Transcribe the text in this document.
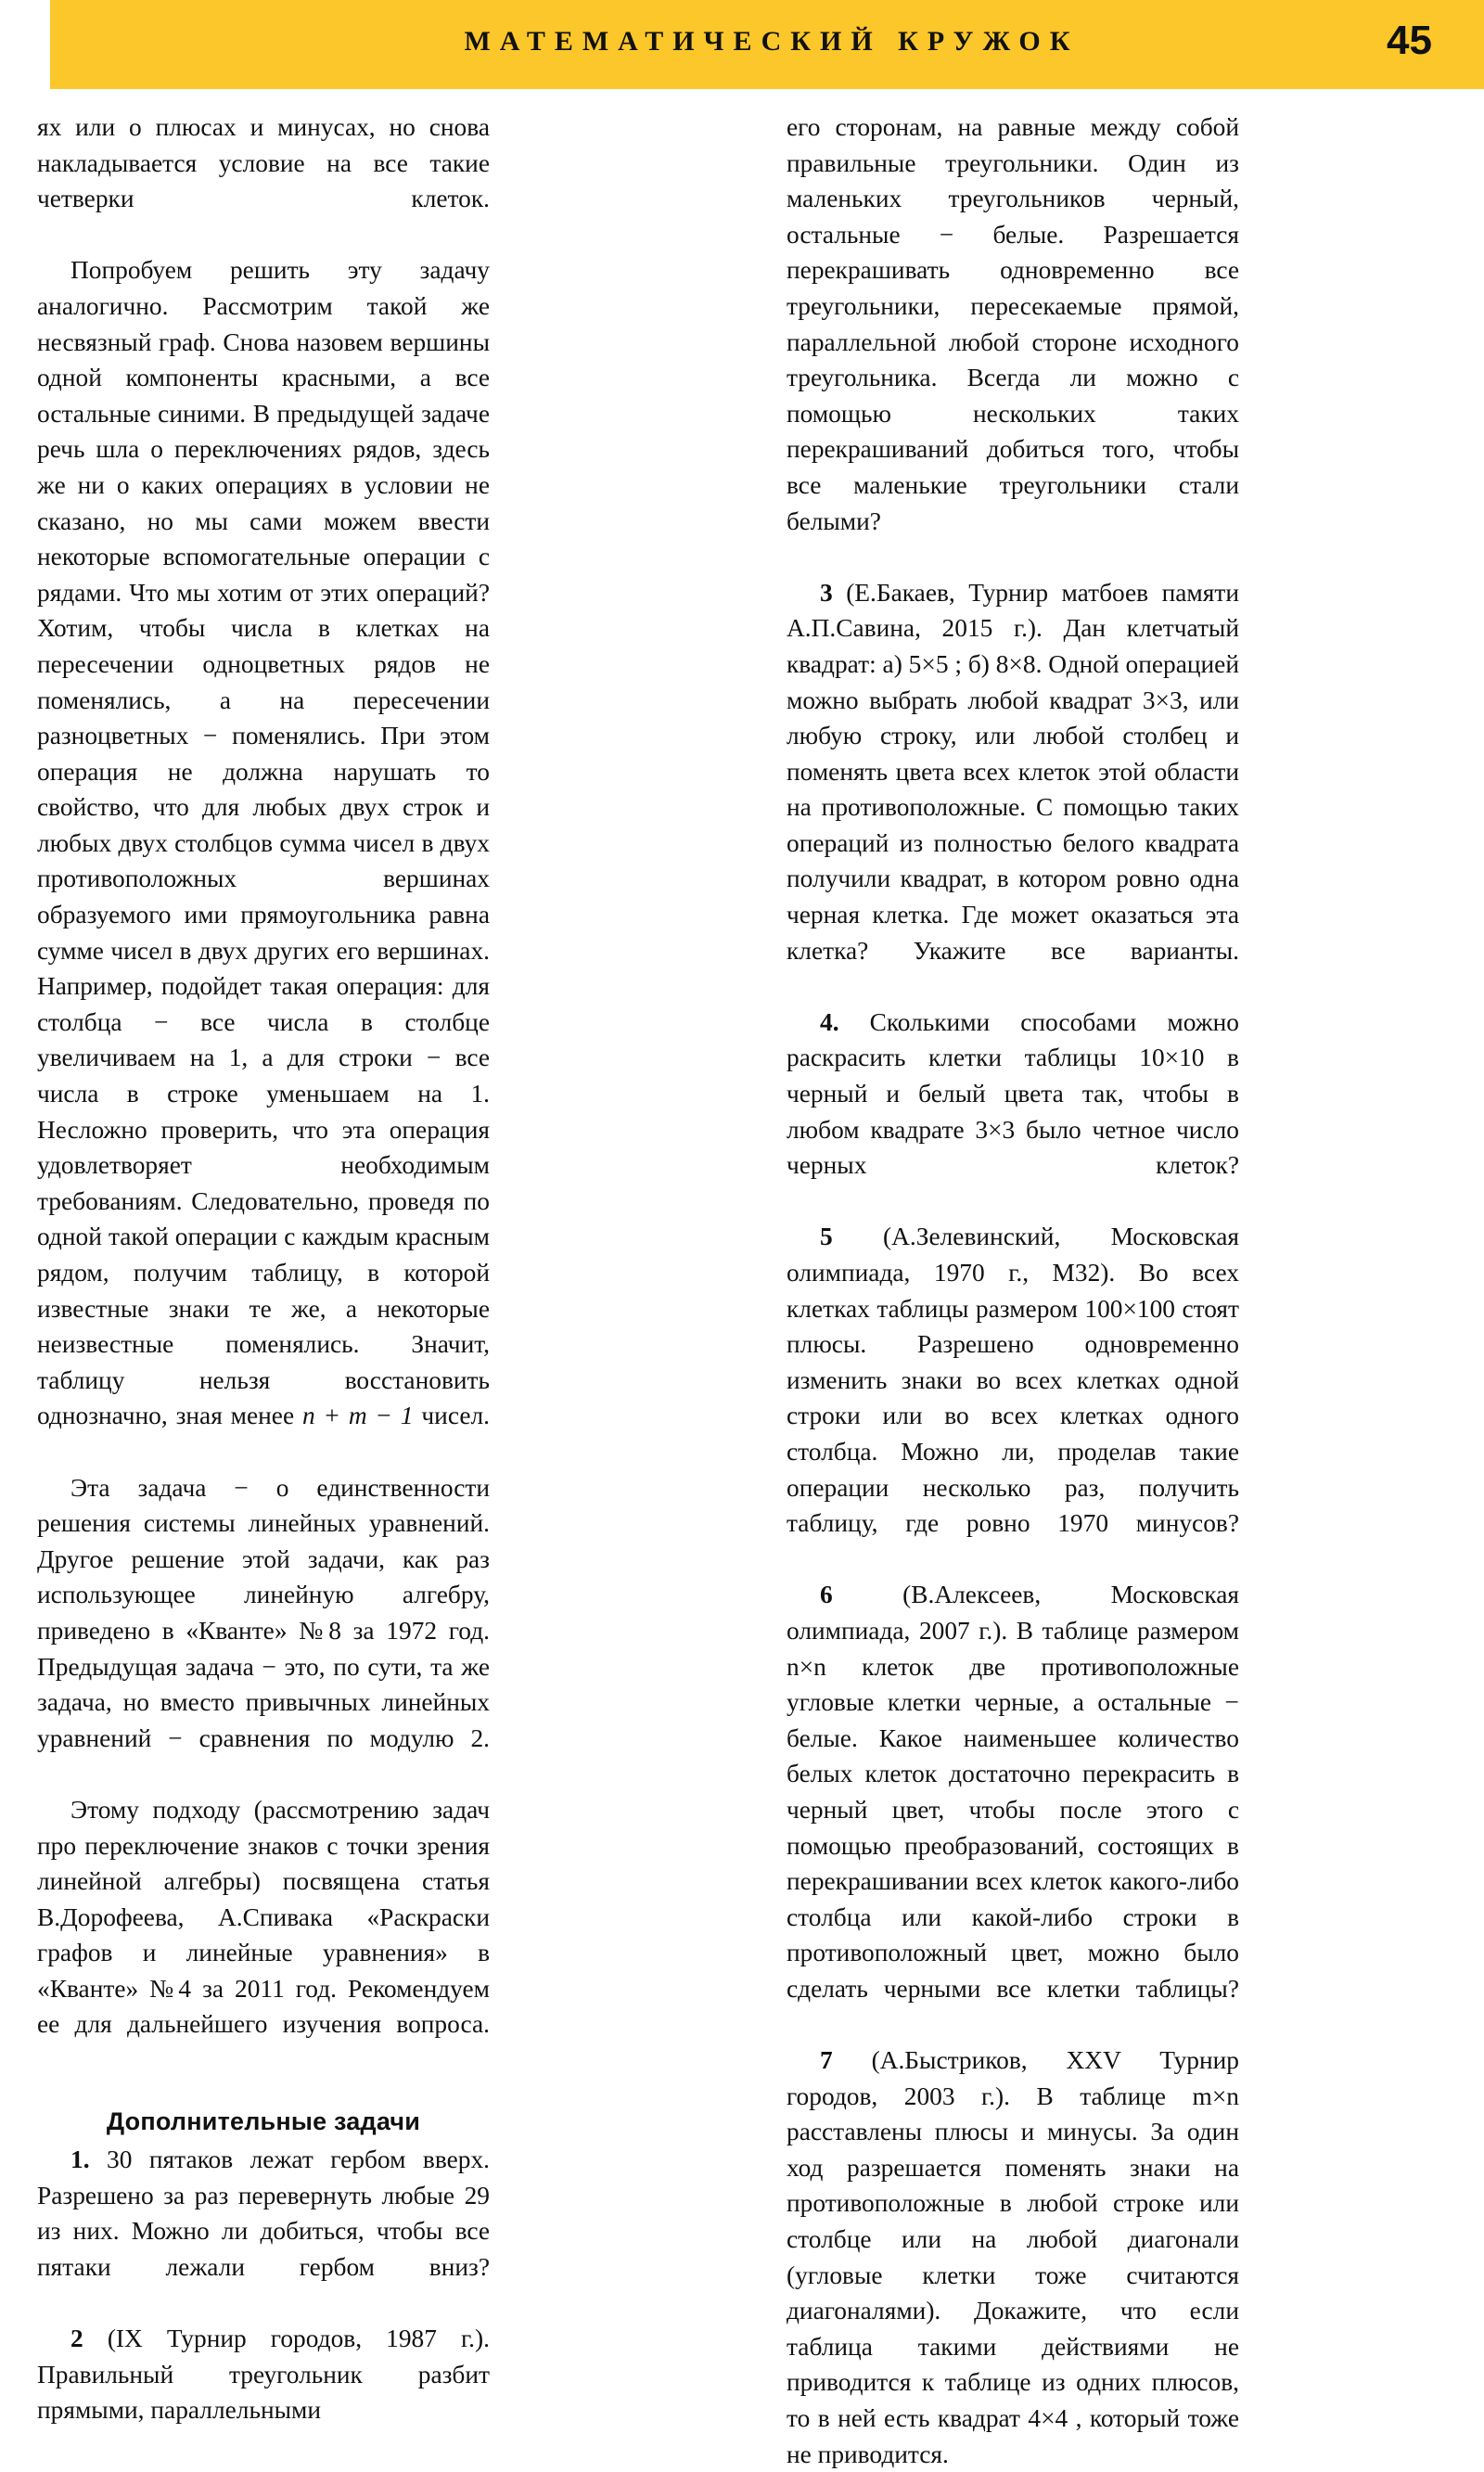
МАТЕМАТИЧЕСКИЙ КРУЖОК	45

ях или о плюсах и минусах, но снова накладывается условие на все такие четверки клеток.

Попробуем решить эту задачу аналогично. Рассмотрим такой же несвязный граф. Снова назовем вершины одной компоненты красными, а все остальные синими. В предыдущей задаче речь шла о переключениях рядов, здесь же ни о каких операциях в условии не сказано, но мы сами можем ввести некоторые вспомогательные операции с рядами. Что мы хотим от этих операций? Хотим, чтобы числа в клетках на пересечении одноцветных рядов не поменялись, а на пересечении разноцветных − поменялись. При этом операция не должна нарушать то свойство, что для любых двух строк и любых двух столбцов сумма чисел в двух противоположных вершинах образуемого ими прямоугольника равна сумме чисел в двух других его вершинах. Например, подойдет такая операция: для столбца − все числа в столбце увеличиваем на 1, а для строки − все числа в строке уменьшаем на 1. Несложно проверить, что эта операция удовлетворяет необходимым требованиям. Следовательно, проведя по одной такой операции с каждым красным рядом, получим таблицу, в которой известные знаки те же, а некоторые неизвестные поменялись. Значит, таблицу нельзя восстановить однозначно, зная менее n + m − 1 чисел.

Эта задача − о единственности решения системы линейных уравнений. Другое решение этой задачи, как раз использующее линейную алгебру, приведено в «Кванте» №8 за 1972 год. Предыдущая задача − это, по сути, та же задача, но вместо привычных линейных уравнений − сравнения по модулю 2.

Этому подходу (рассмотрению задач про переключение знаков с точки зрения линейной алгебры) посвящена статья В.Дорофеева, А.Спивака «Раскраски графов и линейные уравнения» в «Кванте» №4 за 2011 год. Рекомендуем ее для дальнейшего изучения вопроса.

Дополнительные задачи

1. 30 пятаков лежат гербом вверх. Разрешено за раз перевернуть любые 29 из них. Можно ли добиться, чтобы все пятаки лежали гербом вниз?

2 (IX Турнир городов, 1987 г.). Правильный треугольник разбит прямыми, параллельными

его сторонам, на равные между собой правильные треугольники. Один из маленьких треугольников черный, остальные − белые. Разрешается перекрашивать одновременно все треугольники, пересекаемые прямой, параллельной любой стороне исходного треугольника. Всегда ли можно с помощью нескольких таких перекрашиваний добиться того, чтобы все маленькие треугольники стали белыми?

3 (Е.Бакаев, Турнир матбоев памяти А.П.Савина, 2015 г.). Дан клетчатый квадрат: а) 5×5 ; б) 8×8. Одной операцией можно выбрать любой квадрат 3×3, или любую строку, или любой столбец и поменять цвета всех клеток этой области на противоположные. С помощью таких операций из полностью белого квадрата получили квадрат, в котором ровно одна черная клетка. Где может оказаться эта клетка? Укажите все варианты.

4. Сколькими способами можно раскрасить клетки таблицы 10×10 в черный и белый цвета так, чтобы в любом квадрате 3×3 было четное число черных клеток?

5 (А.Зелевинский, Московская олимпиада, 1970 г., М32). Во всех клетках таблицы размером 100×100 стоят плюсы. Разрешено одновременно изменить знаки во всех клетках одной строки или во всех клетках одного столбца. Можно ли, проделав такие операции несколько раз, получить таблицу, где ровно 1970 минусов?

6	(В.Алексеев, Московская олимпиада, 2007 г.). В таблице размером n×n клеток две противоположные угловые клетки черные, а остальные − белые. Какое наименьшее количество белых клеток достаточно перекрасить в черный цвет, чтобы после этого с помощью преобразований, состоящих в перекрашивании всех клеток какого-либо столбца или какой-либо строки в противоположный цвет, можно было сделать черными все клетки таблицы?

7 (А.Быстриков, XXV Турнир городов, 2003 г.). В таблице m×n расставлены плюсы и минусы. За один ход разрешается поменять знаки на противоположные в любой строке или столбце или на любой диагонали (угловые клетки тоже считаются диагоналями). Докажите, что если таблица такими действиями не приводится к таблице из одних плюсов, то в ней есть квадрат 4×4 , который тоже не приводится.
